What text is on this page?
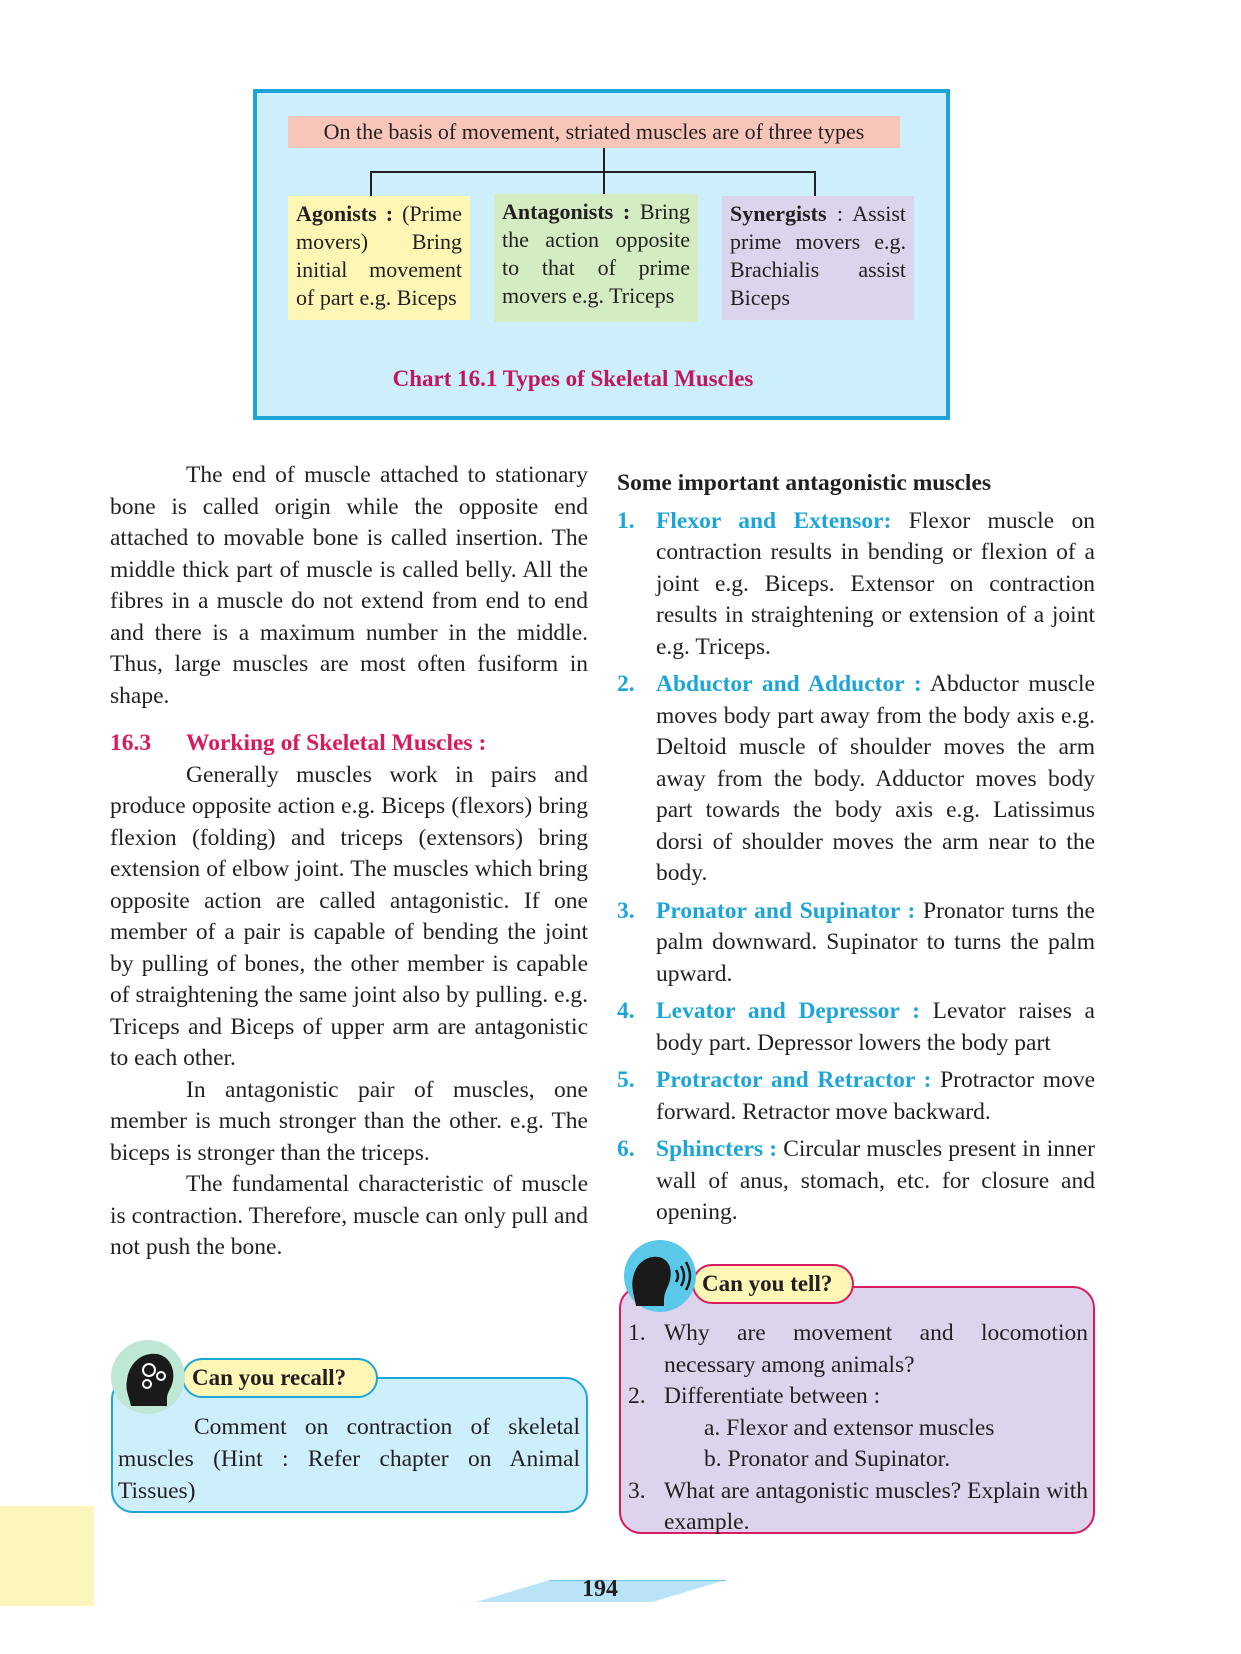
On the basis of movement, striated muscles are of three types
Agonists : (Prime movers) Bring initial movement of part e.g. Biceps
Antagonists : Bring the action opposite to that of prime movers e.g. Triceps
Synergists : Assist prime movers e.g. Brachialis assist Biceps
Chart 16.1 Types of Skeletal Muscles

The end of muscle attached to stationary bone is called origin while the opposite end attached to movable bone is called insertion. The middle thick part of muscle is called belly. All the fibres in a muscle do not extend from end to end and there is a maximum number in the middle. Thus, large muscles are most often fusiform in shape.

16.3 Working of Skeletal Muscles :

Generally muscles work in pairs and produce opposite action e.g. Biceps (flexors) bring flexion (folding) and triceps (extensors) bring extension of elbow joint. The muscles which bring opposite action are called antagonistic. If one member of a pair is capable of bending the joint by pulling of bones, the other member is capable of straightening the same joint also by pulling. e.g. Triceps and Biceps of upper arm are antagonistic to each other.

In antagonistic pair of muscles, one member is much stronger than the other. e.g. The biceps is stronger than the triceps.

The fundamental characteristic of muscle is contraction. Therefore, muscle can only pull and not push the bone.

Some important antagonistic muscles

1. Flexor and Extensor: Flexor muscle on contraction results in bending or flexion of a joint e.g. Biceps. Extensor on contraction results in straightening or extension of a joint e.g. Triceps.

2. Abductor and Adductor : Abductor muscle moves body part away from the body axis e.g. Deltoid muscle of shoulder moves the arm away from the body. Adductor moves body part towards the body axis e.g. Latissimus dorsi of shoulder moves the arm near to the body.

3. Pronator and Supinator : Pronator turns the palm downward. Supinator to turns the palm upward.

4. Levator and Depressor : Levator raises a body part. Depressor lowers the body part

5. Protractor and Retractor : Protractor move forward. Retractor move backward.

6. Sphincters : Circular muscles present in inner wall of anus, stomach, etc. for closure and opening.

Comment on contraction of skeletal muscles (Hint : Refer chapter on Animal Tissues)
Can you recall?
1. Why are movement and locomotion necessary among animals?
2. Differentiate between :
a. Flexor and extensor muscles
b. Pronator and Supinator.
3. What are antagonistic muscles? Explain with example.
Can you tell?
194
